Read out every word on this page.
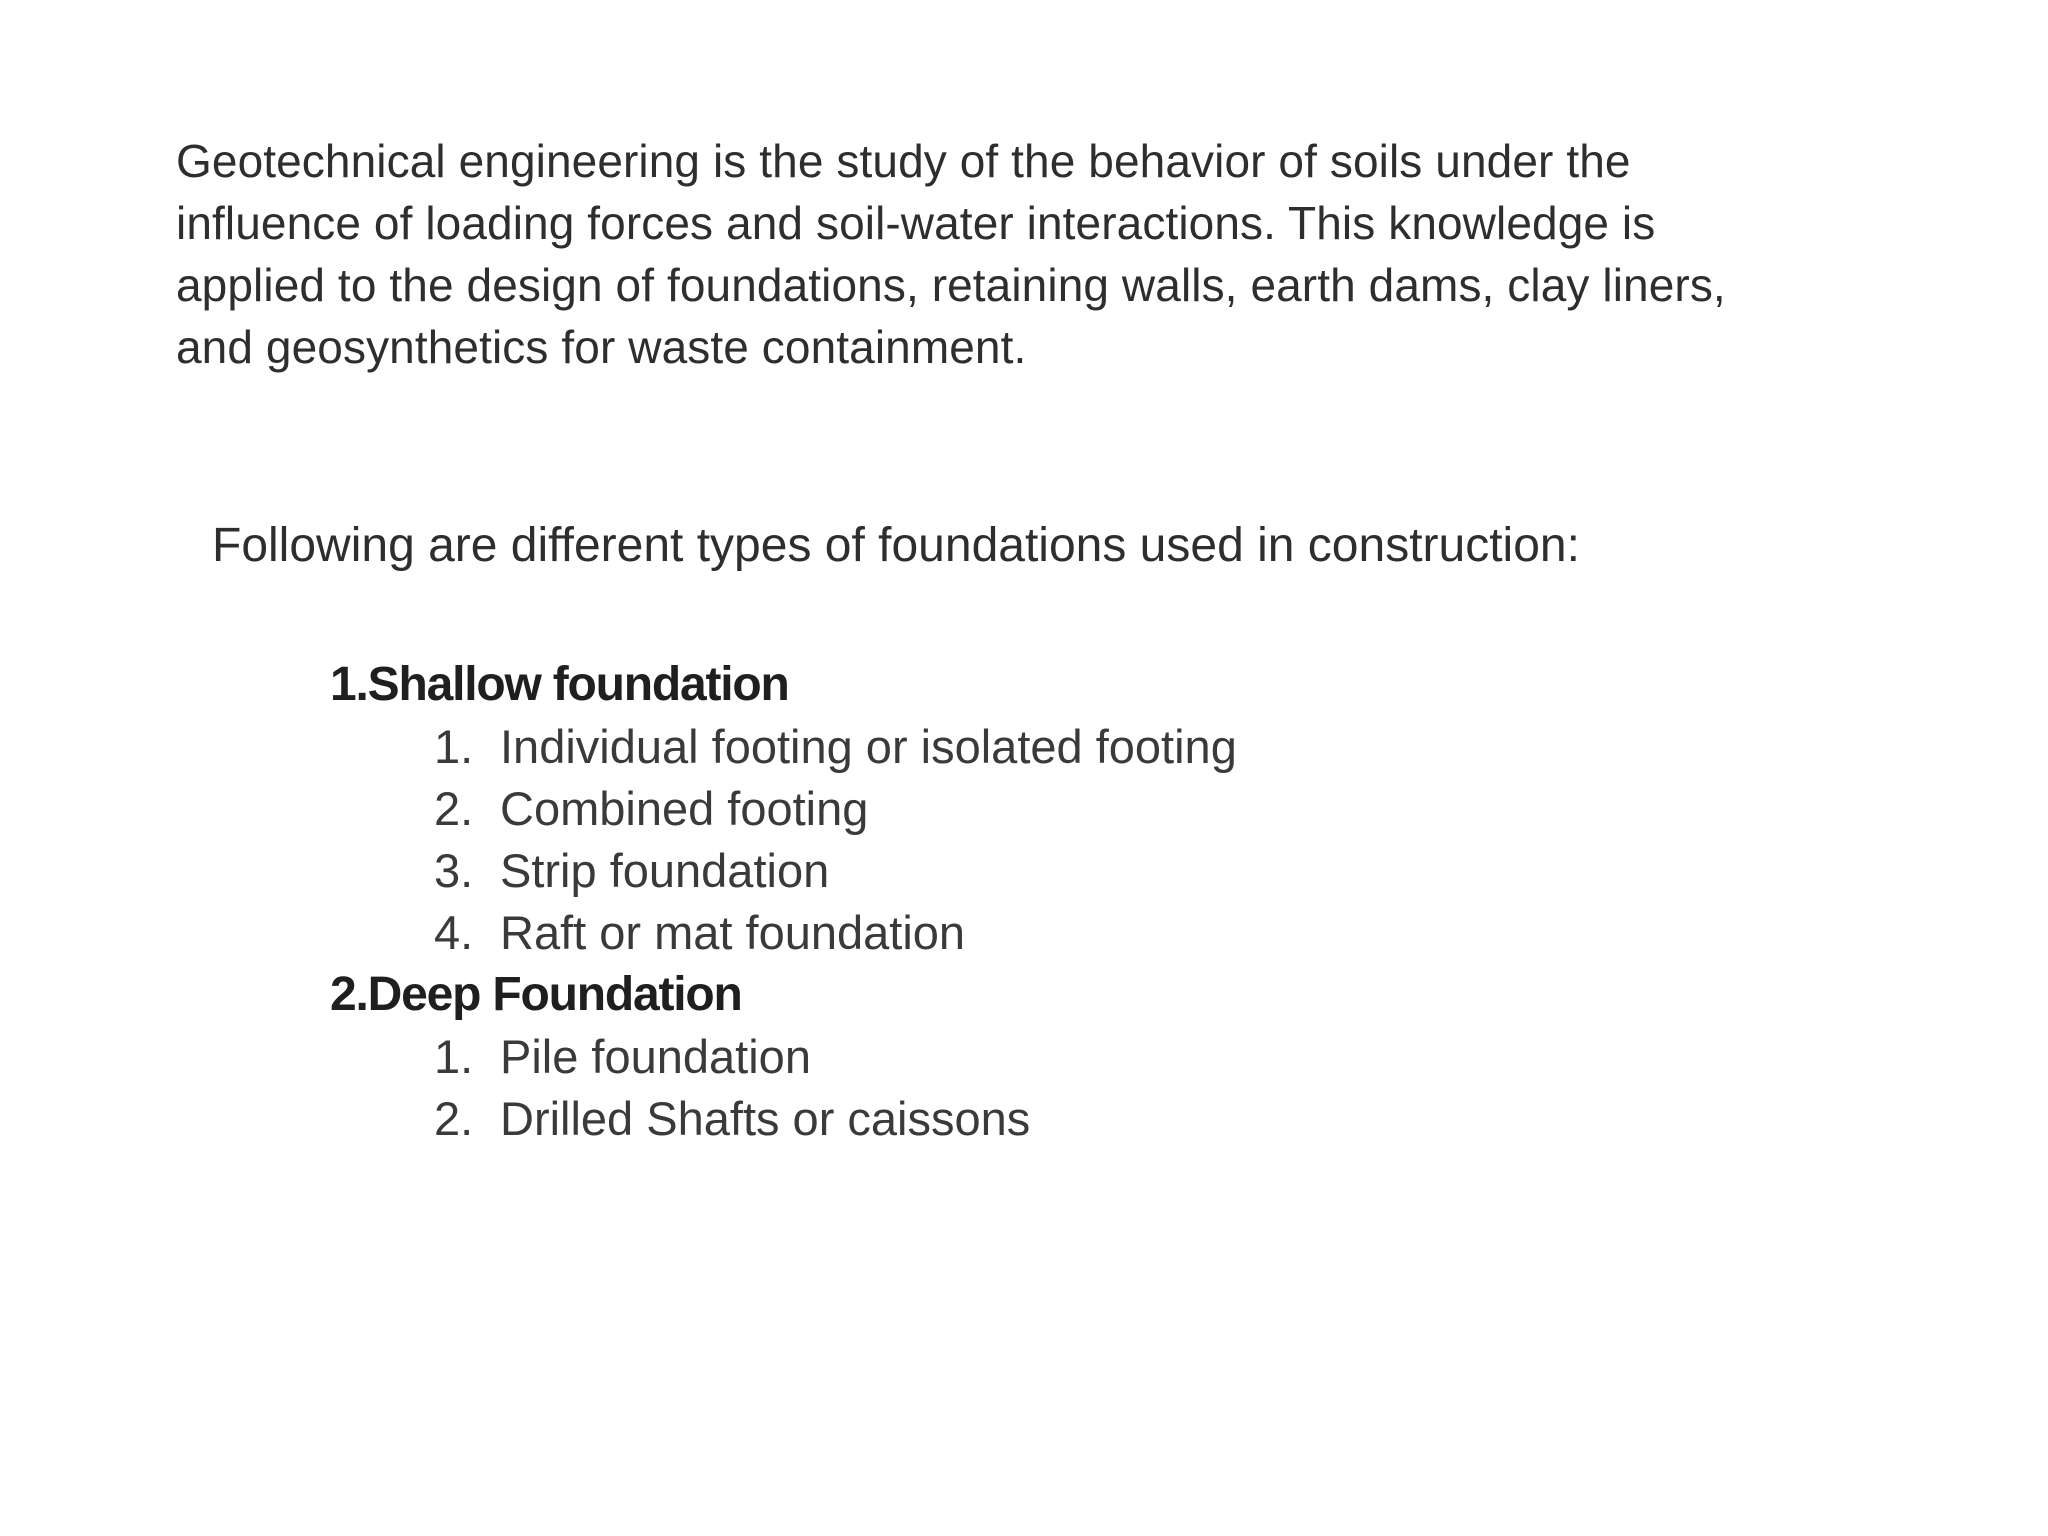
Geotechnical engineering is the study of the behavior of soils under the
influence of loading forces and soil-water interactions. This knowledge is
applied to the design of foundations, retaining walls, earth dams, clay liners,
and geosynthetics for waste containment.

Following are different types of foundations used in construction:

1.Shallow foundation
1. Individual footing or isolated footing
2. Combined footing
3. Strip foundation
4. Raft or mat foundation
2.Deep Foundation
1. Pile foundation
2. Drilled Shafts or caissons
